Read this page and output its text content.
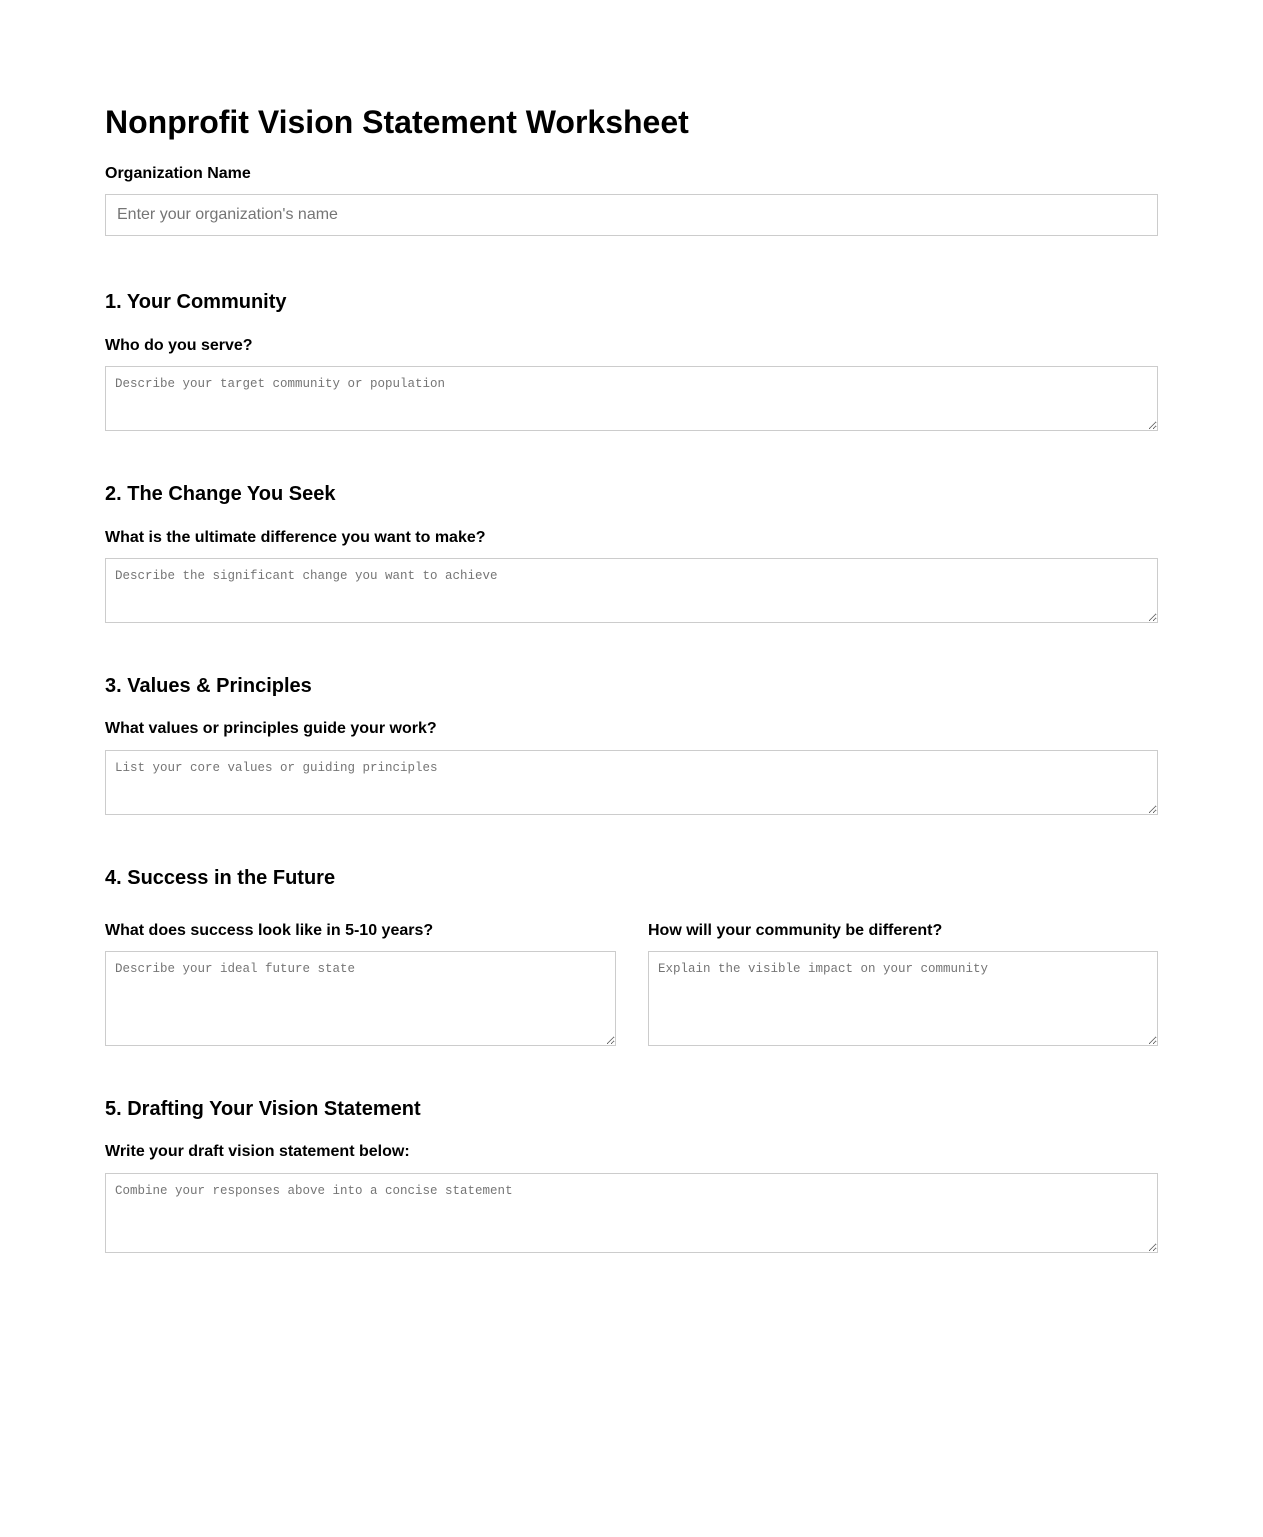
Nonprofit Vision Statement Worksheet
Organization Name
Enter your organization's name
1. Your Community
Who do you serve?
Describe your target community or population
2. The Change You Seek
What is the ultimate difference you want to make?
Describe the significant change you want to achieve
3. Values & Principles
What values or principles guide your work?
List your core values or guiding principles
4. Success in the Future
What does success look like in 5-10 years?
Describe your ideal future state	How will your community be different?
Explain the visible impact on your community
5. Drafting Your Vision Statement
Write your draft vision statement below:
Combine your responses above into a concise statement
